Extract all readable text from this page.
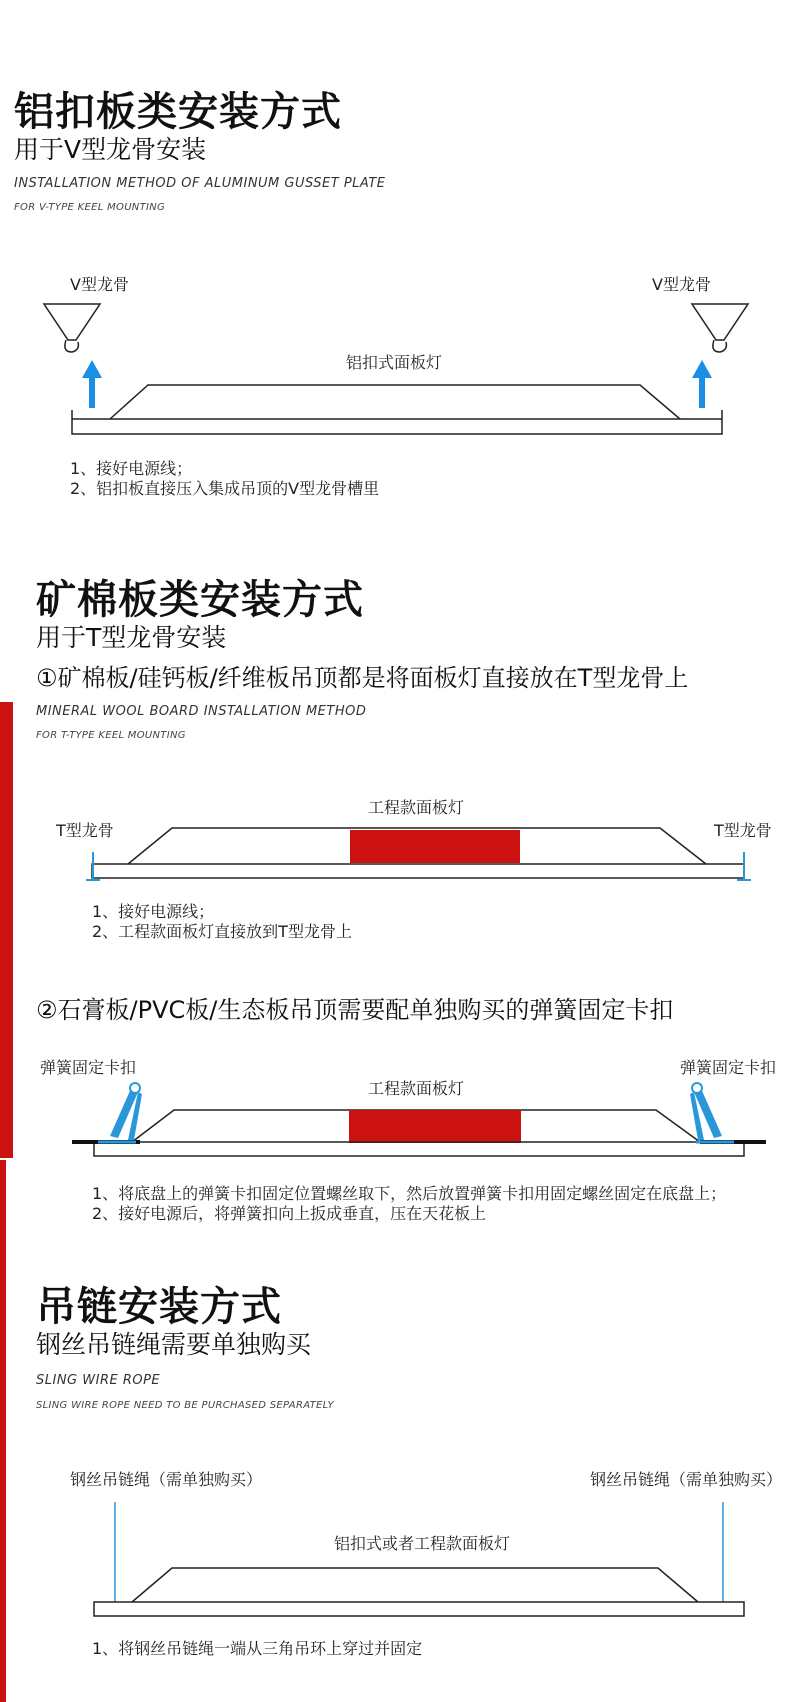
铝扣板类安装方式
用于V型龙骨安装
INSTALLATION METHOD OF ALUMINUM GUSSET PLATE
FOR V-TYPE KEEL MOUNTING
V型龙骨	V型龙骨
铝扣式面板灯
1、接好电源线；
2、铝扣板直接压入集成吊顶的V型龙骨槽里
矿棉板类安装方式
用于T型龙骨安装
①矿棉板/硅钙板/纤维板吊顶都是将面板灯直接放在T型龙骨上
MINERAL WOOL BOARD INSTALLATION METHOD
FOR T-TYPE KEEL MOUNTING
工程款面板灯
T型龙骨	T型龙骨
1、接好电源线；
2、工程款面板灯直接放到T型龙骨上
②石膏板/PVC板/生态板吊顶需要配单独购买的弹簧固定卡扣
弹簧固定卡扣	弹簧固定卡扣
工程款面板灯
1、将底盘上的弹簧卡扣固定位置螺丝取下，然后放置弹簧卡扣用固定螺丝固定在底盘上；
2、接好电源后，将弹簧扣向上扳成垂直，压在天花板上
吊链安装方式
钢丝吊链绳需要单独购买
SLING WIRE ROPE
SLING WIRE ROPE NEED TO BE PURCHASED SEPARATELY
钢丝吊链绳（需单独购买）	钢丝吊链绳（需单独购买）
铝扣式或者工程款面板灯
1、将钢丝吊链绳一端从三角吊环上穿过并固定
